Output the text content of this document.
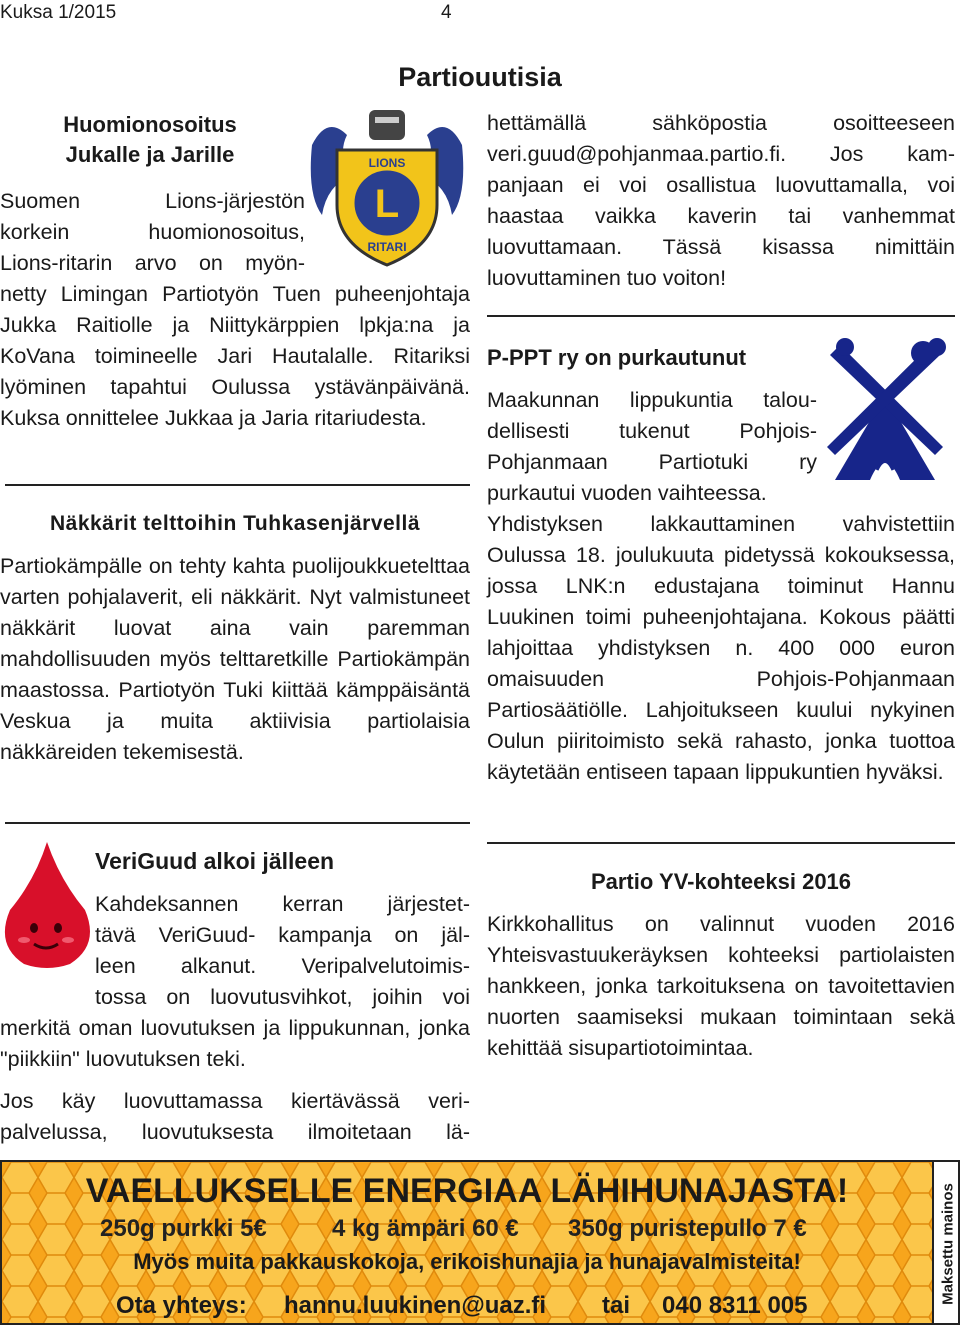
Kuksa 1/2015	4
Partiouutisia
Huomionosoitus
Jukalle ja Jarille
Suomen Lions-järjestön
korkein huomionosoitus,
Lions-ritarin arvo on myön-
netty Limingan Partiotyön Tuen puheenjohtaja Jukka Raitiolle ja Niittykärppien lpkja:na ja KoVana toimineelle Jari Hautalalle. Ritariksi lyöminen tapahtui Oulussa ystävänpäivänä. Kuksa onnittelee Jukkaa ja Jaria ritariudesta.
L
LIONS
RITARI
Näkkärit telttoihin Tuhkasenjärvellä
Partiokämpälle on tehty kahta puolijoukkuetelttaa varten pohjalaverit, eli näkkärit. Nyt valmistuneet näkkärit luovat aina vain paremman mahdollisuuden myös telttaretkille Partiokämpän maastossa. Partiotyön Tuki kiittää kämppäisäntä Veskua ja muita aktiivisia partiolaisia näkkäreiden tekemisestä.
VeriGuud alkoi jälleen
Kahdeksannen kerran järjestet-
tävä VeriGuud- kampanja on jäl-
leen alkanut. Veripalvelutoimis-
tossa on luovutusvihkot, joihin voi
merkitä oman luovutuksen ja lippukunnan, jonka "piikkiin" luovutuksen teki.
Jos käy luovuttamassa kiertävässä veri-
palvelussa, luovutuksesta ilmoitetaan lä-
hettämällä sähköpostia osoitteeseen
veri.guud@pohjanmaa.partio.fi. Jos kam-
panjaan ei voi osallistua luovuttamalla, voi
haastaa vaikka kaverin tai vanhemmat
luovuttamaan. Tässä kisassa nimittäin
luovuttaminen tuo voiton!
P-PPT ry on purkautunut
Maakunnan lippukuntia talou-
dellisesti tukenut Pohjois-
Pohjanmaan Partiotuki ry
purkautui vuoden vaihteessa.
Yhdistyksen lakkauttaminen vahvistettiin Oulussa 18. joulukuuta pidetyssä kokouksessa, jossa LNK:n edustajana toiminut Hannu Luukinen toimi puheenjohtajana. Kokous päätti lahjoittaa yhdistyksen n. 400 000 euron omaisuuden Pohjois-Pohjanmaan Partiosäätiölle. Lahjoitukseen kuului nykyinen Oulun piiritoimisto sekä rahasto, jonka tuottoa käytetään entiseen tapaan lippukuntien hyväksi.
Partio YV-kohteeksi 2016
Kirkkohallitus on valinnut vuoden 2016 Yhteisvastuukeräyksen kohteeksi partiolaisten hankkeen, jonka tarkoituksena on tavoitettavien nuorten saamiseksi mukaan toimintaan sekä kehittää sisupartiotoimintaa.
Maksettu mainos
VAELLUKSELLE ENERGIAA LÄHIHUNAJASTA!
250g purkki 5€	4 kg ämpäri 60 € 350g puristepullo 7 €
Myös muita pakkauskokoja, erikoishunajia ja hunajavalmisteita!
Ota yhteys: hannu.luukinen@uaz.fi tai 040 8311 005
